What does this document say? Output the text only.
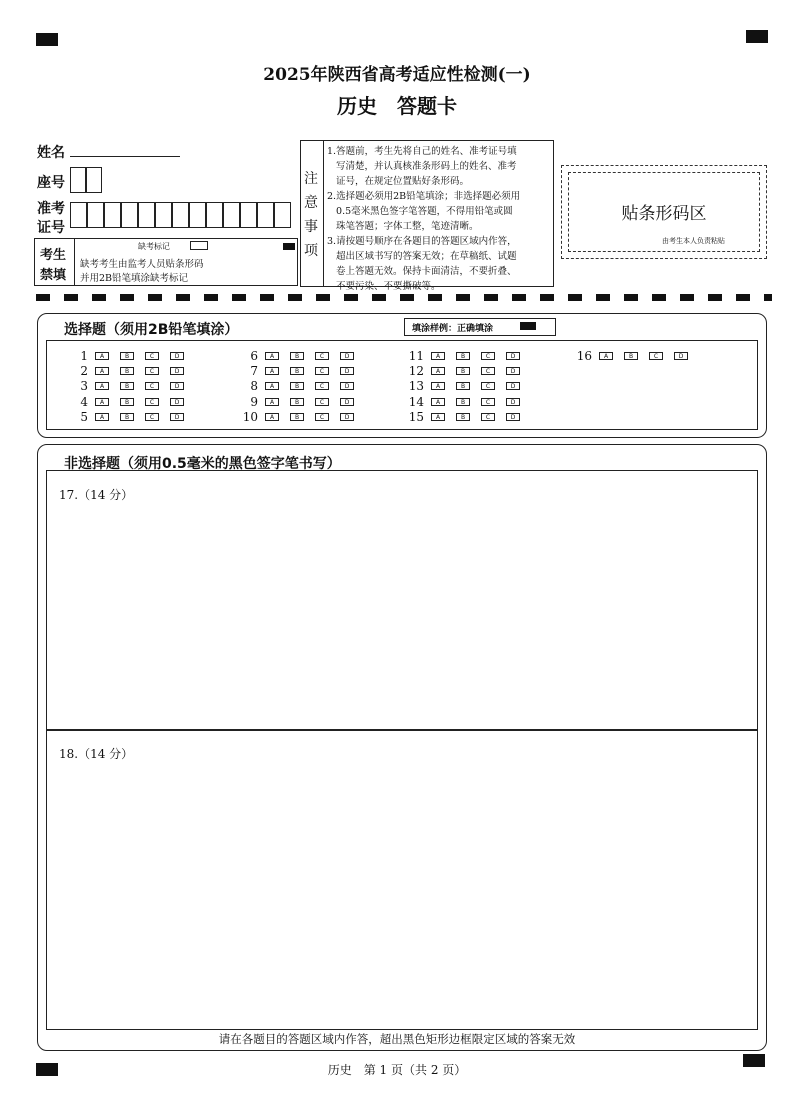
2025年陕西省高考适应性检测(一)
历史　答题卡
姓名
座号
准考
证号
考生
禁填
缺考标记
缺考考生由监考人员贴条形码
并用2B铅笔填涂缺考标记
注
意
事
项
1.答题前，考生先将自己的姓名、准考证号填
写清楚，并认真核准条形码上的姓名、准考
证号，在规定位置贴好条形码。
2.选择题必须用2B铅笔填涂；非选择题必须用
0.5毫米黑色签字笔答题，不得用铅笔或圆
珠笔答题；字体工整，笔迹清晰。
3.请按题号顺序在各题目的答题区域内作答，
超出区域书写的答案无效；在草稿纸、试题
卷上答题无效。保持卡面清洁，不要折叠、
不要污染、不要撕破等。
贴条形码区
由考生本人负责粘贴
选择题（须用2B铅笔填涂）	填涂样例：正确填涂
1	A	B	C	D
2	A	B	C	D
3	A	B	C	D
4	A	B	C	D
5	A	B	C	D
6	A	B	C	D
7	A	B	C	D
8	A	B	C	D
9	A	B	C	D
10	A	B	C	D
11	A	B	C	D
12	A	B	C	D
13	A	B	C	D
14	A	B	C	D
15	A	B	C	D
16	A	B	C	D
非选择题（须用0.5毫米的黑色签字笔书写）
17.（14 分）
18.（14 分）
请在各题目的答题区域内作答，超出黑色矩形边框限定区域的答案无效
历史　第 1 页（共 2 页）
